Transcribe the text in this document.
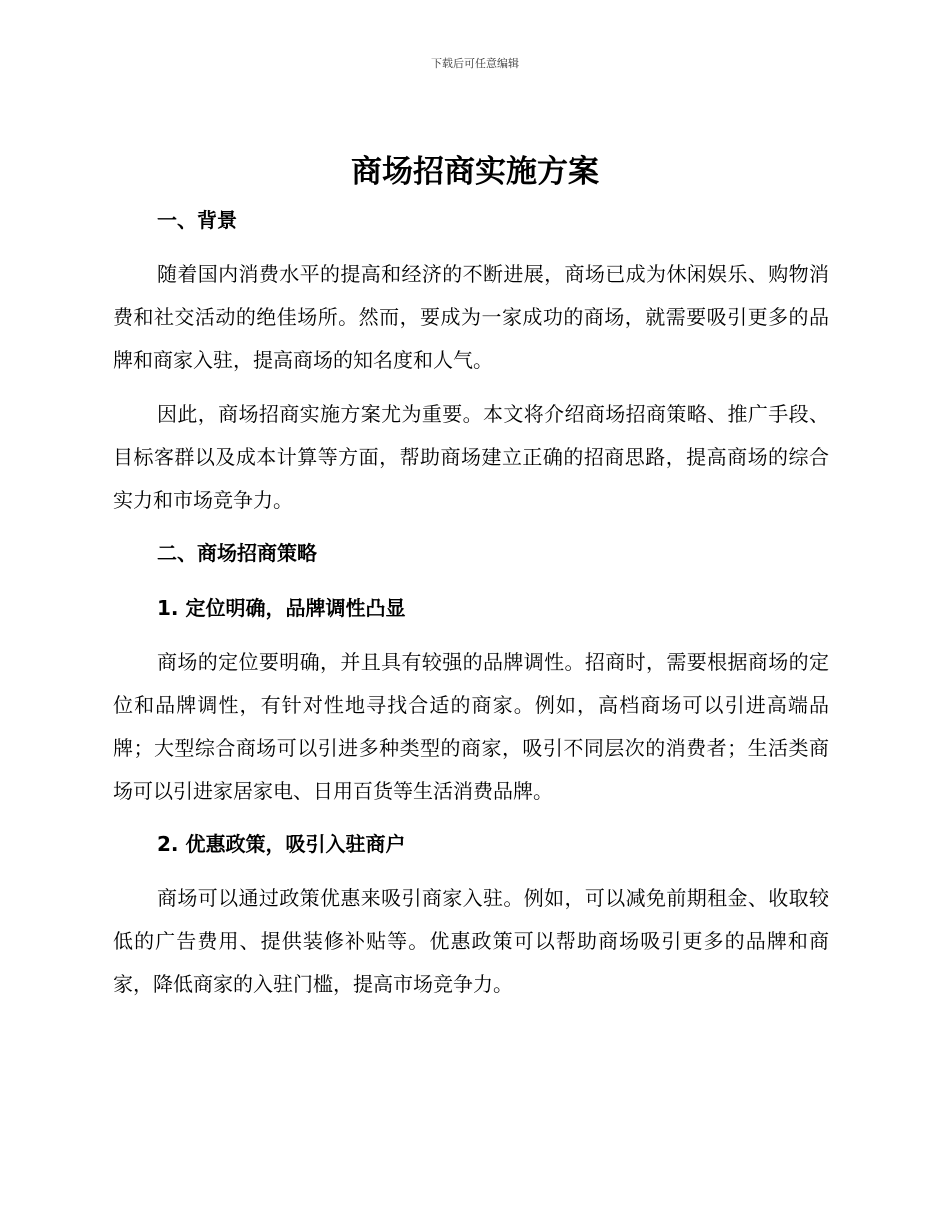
下载后可任意编辑
商场招商实施方案
一、背景

随着国内消费水平的提高和经济的不断进展，商场已成为休闲娱乐、购物消费和社交活动的绝佳场所。然而，要成为一家成功的商场，就需要吸引更多的品牌和商家入驻，提高商场的知名度和人气。

因此，商场招商实施方案尤为重要。本文将介绍商场招商策略、推广手段、目标客群以及成本计算等方面，帮助商场建立正确的招商思路，提高商场的综合实力和市场竞争力。

二、商场招商策略
1. 定位明确，品牌调性凸显

商场的定位要明确，并且具有较强的品牌调性。招商时，需要根据商场的定位和品牌调性，有针对性地寻找合适的商家。例如，高档商场可以引进高端品牌；大型综合商场可以引进多种类型的商家，吸引不同层次的消费者；生活类商场可以引进家居家电、日用百货等生活消费品牌。

2. 优惠政策，吸引入驻商户

商场可以通过政策优惠来吸引商家入驻。例如，可以减免前期租金、收取较低的广告费用、提供装修补贴等。优惠政策可以帮助商场吸引更多的品牌和商家，降低商家的入驻门槛，提高市场竞争力。
